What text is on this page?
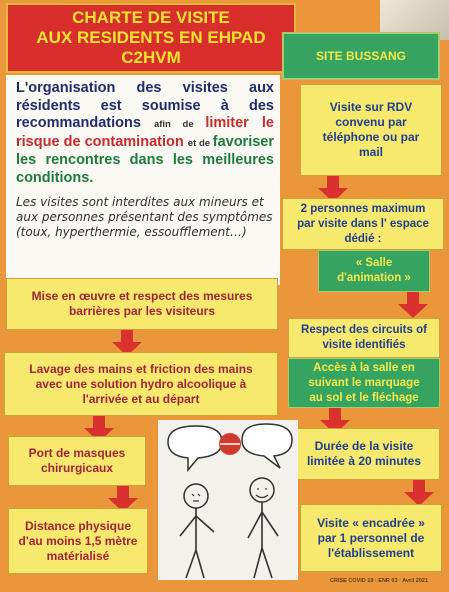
CHARTE DE VISITE
AUX RESIDENTS EN EHPAD
C2HVM	SITE BUSSANG
L'organisation des visites aux résidents est soumise à des recommandations afin de limiter le risque de contamination et de favoriser les rencontres dans les meilleures conditions.
Les visites sont interdites aux mineurs et aux personnes présentant des symptômes (toux, hyperthermie, essoufflement…)
Visite sur RDV
convenu par
téléphone ou par
mail
2 personnes maximum
par visite dans l' espace
dédié :
« Salle
d'animation »
Respect des circuits of
visite identifiés
Accès à la salle en
suivant le marquage
au sol et le fléchage
Durée de la visite
limitée à 20 minutes
Visite « encadrée »
par 1 personnel de
l'établissement
Mise en œuvre et respect des mesures
barrières par les visiteurs
Lavage des mains et friction des mains
avec une solution hydro alcoolique à
l'arrivée et au départ
Port de masques
chirurgicaux
Distance physique
d'au moins 1,5 mètre
matérialisé
CRISE COVID 19 · ENR 03 · Avril 2021
